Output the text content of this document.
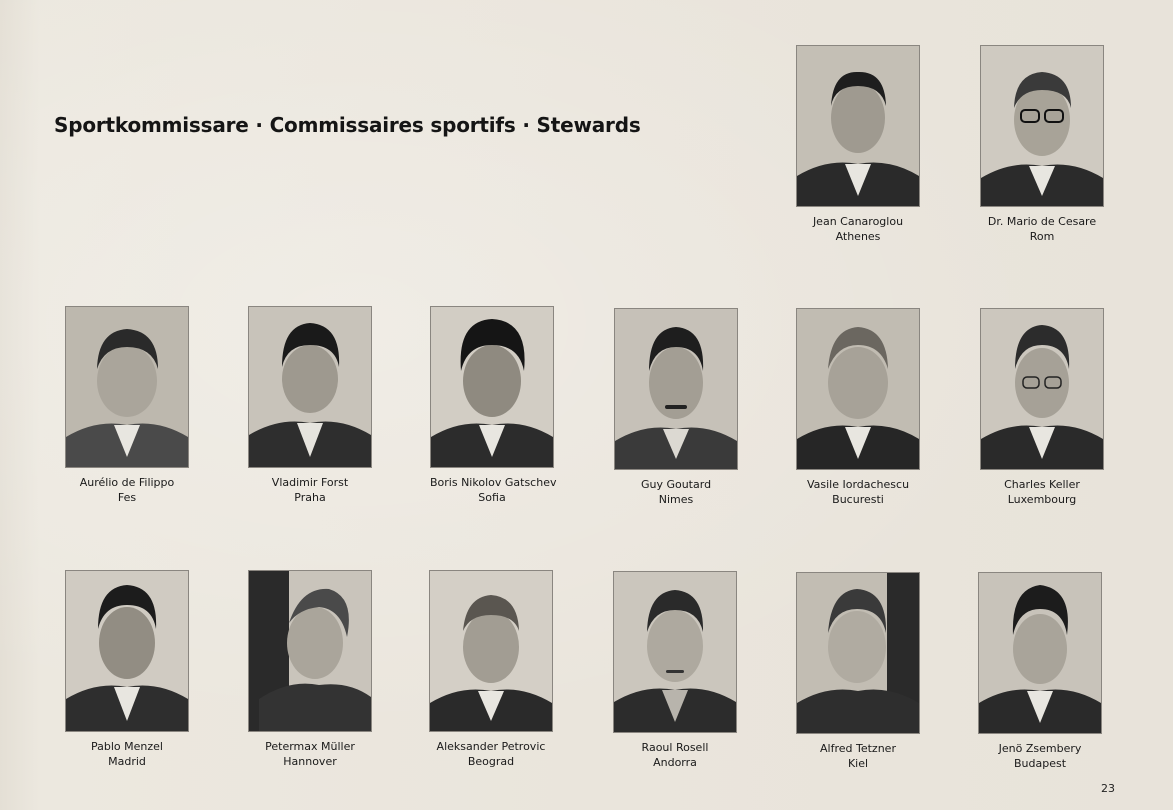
Sportkommissare · Commissaires sportifs · Stewards
Jean Canaroglou
Athenes
Dr. Mario de Cesare
Rom
Aurélio de Filippo
Fes
Vladimir Forst
Praha
Boris Nikolov Gatschev
Sofia
Guy Goutard
Nimes
Vasile Iordachescu
Bucuresti
Charles Keller
Luxembourg
Pablo Menzel
Madrid
Petermax Müller
Hannover
Aleksander Petrovic
Beograd
Raoul Rosell
Andorra
Alfred Tetzner
Kiel
Jenö Zsembery
Budapest
23
